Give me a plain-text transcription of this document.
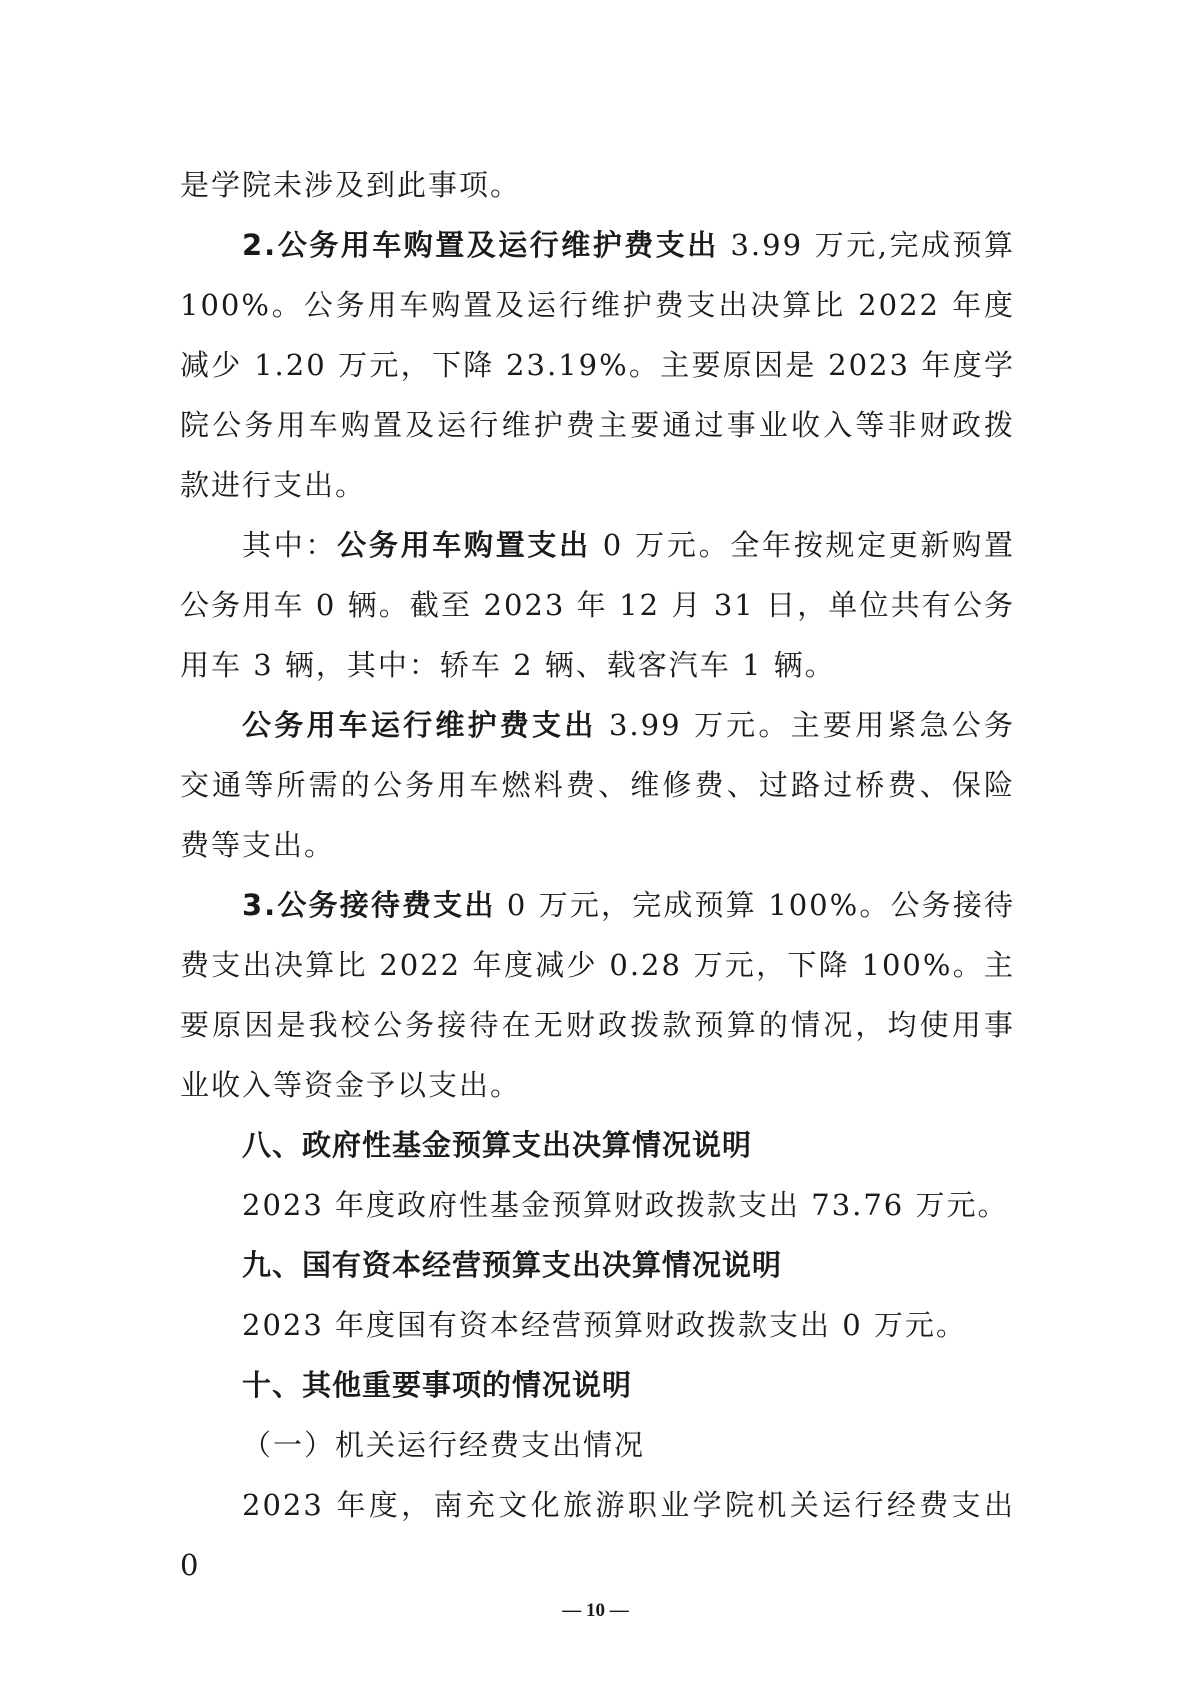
是学院未涉及到此事项。

2.公务用车购置及运行维护费支出 3.99 万元,完成预算 100%。公务用车购置及运行维护费支出决算比 2022 年度减少 1.20 万元，下降 23.19%。主要原因是 2023 年度学院公务用车购置及运行维护费主要通过事业收入等非财政拨款进行支出。

其中：公务用车购置支出 0 万元。全年按规定更新购置公务用车 0 辆。截至 2023 年 12 月 31 日，单位共有公务用车 3 辆，其中：轿车 2 辆、载客汽车 1 辆。

公务用车运行维护费支出 3.99 万元。主要用紧急公务交通等所需的公务用车燃料费、维修费、过路过桥费、保险费等支出。

3.公务接待费支出 0 万元，完成预算 100%。公务接待费支出决算比 2022 年度减少 0.28 万元，下降 100%。主要原因是我校公务接待在无财政拨款预算的情况，均使用事业收入等资金予以支出。

八、政府性基金预算支出决算情况说明

2023 年度政府性基金预算财政拨款支出 73.76 万元。

九、国有资本经营预算支出决算情况说明

2023 年度国有资本经营预算财政拨款支出 0 万元。

十、其他重要事项的情况说明

（一）机关运行经费支出情况

2023 年度，南充文化旅游职业学院机关运行经费支出 0

— 10 —
